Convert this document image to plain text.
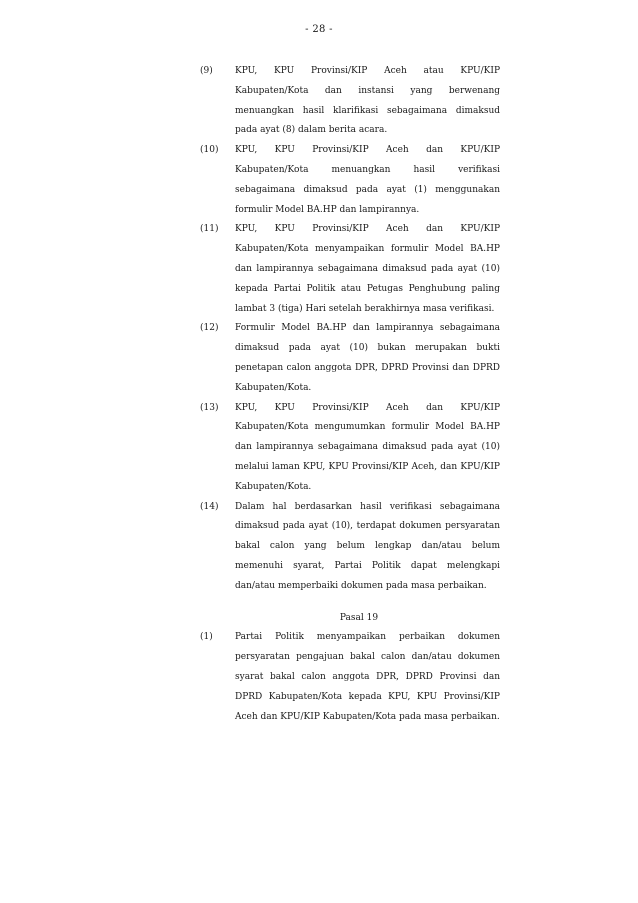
- 28 -
(9)	KPU, KPU Provinsi/KIP Aceh atau KPU/KIP Kabupaten/Kota dan instansi yang berwenang menuangkan hasil klarifikasi sebagaimana dimaksud pada ayat (8) dalam berita acara.
(10)	KPU, KPU Provinsi/KIP Aceh dan KPU/KIP Kabupaten/Kota menuangkan hasil verifikasi sebagaimana dimaksud pada ayat (1) menggunakan formulir Model BA.HP dan lampirannya.
(11)	KPU, KPU Provinsi/KIP Aceh dan KPU/KIP Kabupaten/Kota menyampaikan formulir Model BA.HP dan lampirannya sebagaimana dimaksud pada ayat (10) kepada Partai Politik atau Petugas Penghubung paling lambat 3 (tiga) Hari setelah berakhirnya masa verifikasi.
(12)	Formulir Model BA.HP dan lampirannya sebagaimana dimaksud pada ayat (10) bukan merupakan bukti penetapan calon anggota DPR, DPRD Provinsi dan DPRD Kabupaten/Kota.
(13)	KPU, KPU Provinsi/KIP Aceh dan KPU/KIP Kabupaten/Kota mengumumkan formulir Model BA.HP dan lampirannya sebagaimana dimaksud pada ayat (10) melalui laman KPU, KPU Provinsi/KIP Aceh, dan KPU/KIP Kabupaten/Kota.
(14)	Dalam hal berdasarkan hasil verifikasi sebagaimana dimaksud pada ayat (10), terdapat dokumen persyaratan bakal calon yang belum lengkap dan/atau belum memenuhi syarat, Partai Politik dapat melengkapi dan/atau memperbaiki dokumen pada masa perbaikan.
Pasal 19
(1)	Partai Politik menyampaikan perbaikan dokumen persyaratan pengajuan bakal calon dan/atau dokumen syarat bakal calon anggota DPR, DPRD Provinsi dan DPRD Kabupaten/Kota kepada KPU, KPU Provinsi/KIP Aceh dan KPU/KIP Kabupaten/Kota pada masa perbaikan.
